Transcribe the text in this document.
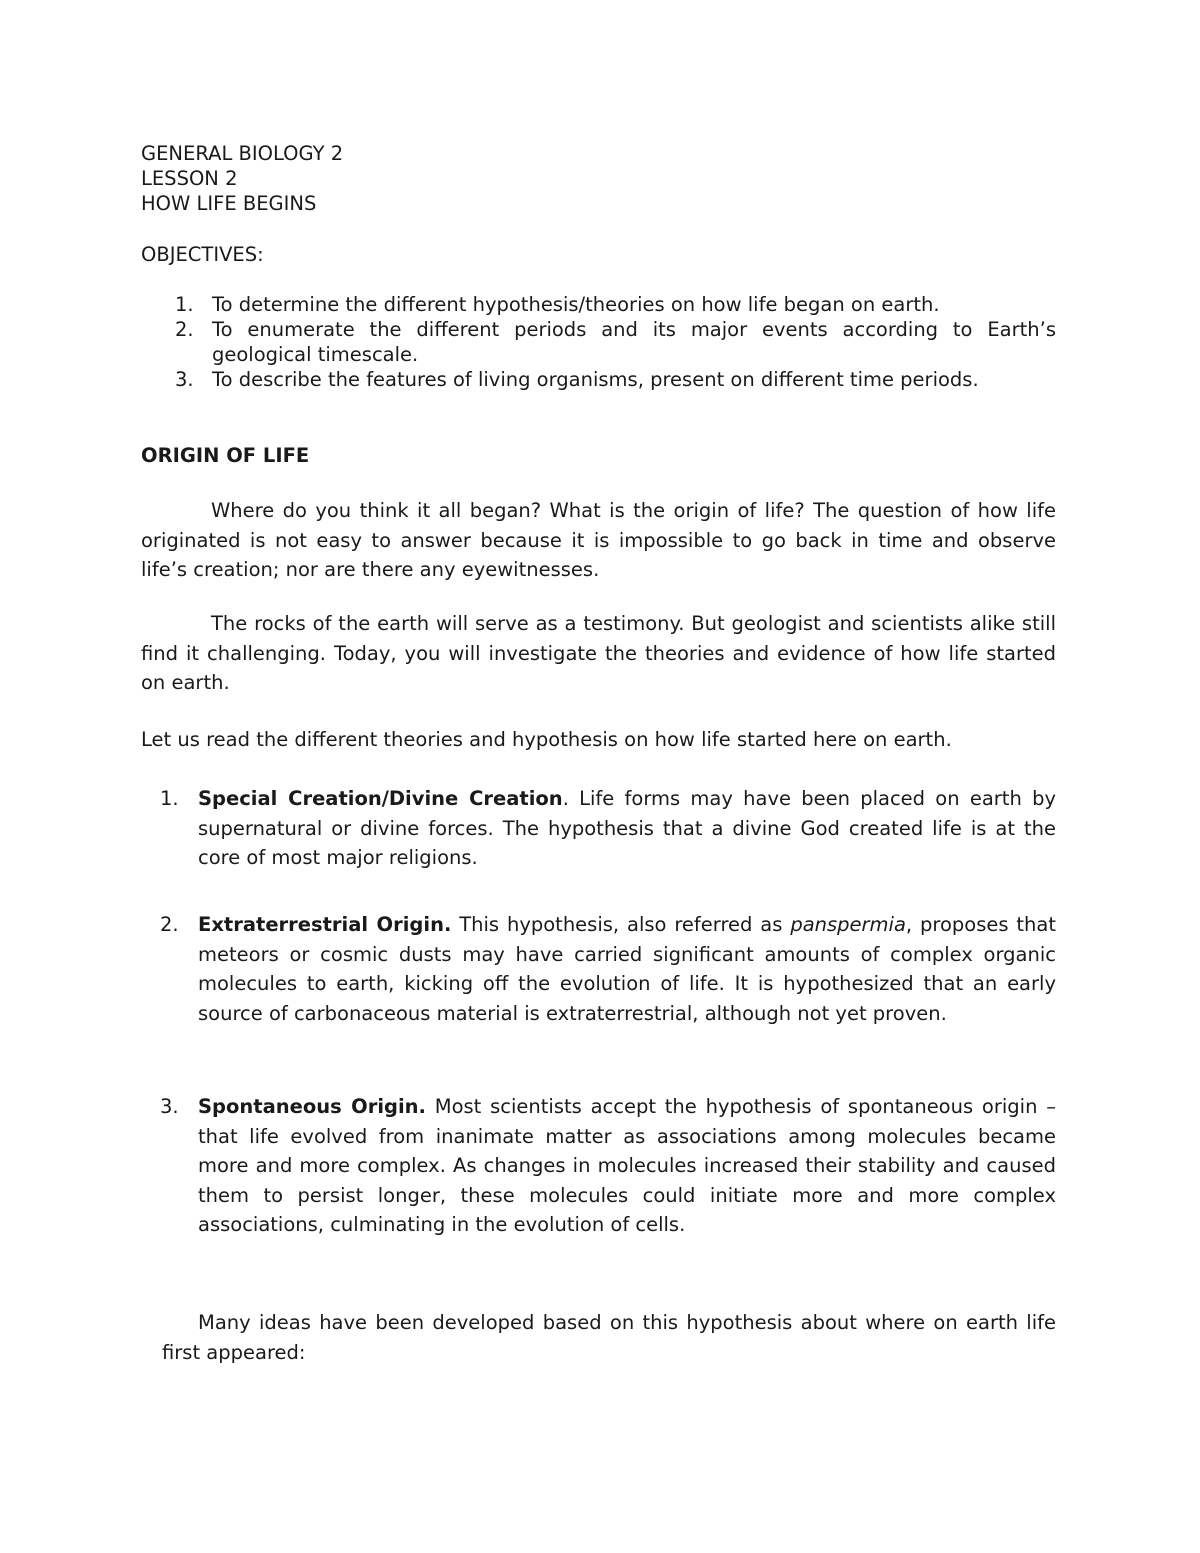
GENERAL BIOLOGY 2
LESSON 2
HOW LIFE BEGINS
OBJECTIVES:
1. To determine the different hypothesis/theories on how life began on earth.
2. To enumerate the different periods and its major events according to Earth’s geological timescale.
3. To describe the features of living organisms, present on different time periods.
ORIGIN OF LIFE
Where do you think it all began? What is the origin of life? The question of how life originated is not easy to answer because it is impossible to go back in time and observe life’s creation; nor are there any eyewitnesses.
The rocks of the earth will serve as a testimony. But geologist and scientists alike still find it challenging. Today, you will investigate the theories and evidence of how life started on earth.
Let us read the different theories and hypothesis on how life started here on earth.
1. Special Creation/Divine Creation. Life forms may have been placed on earth by supernatural or divine forces. The hypothesis that a divine God created life is at the core of most major religions.
2. Extraterrestrial Origin. This hypothesis, also referred as panspermia, proposes that meteors or cosmic dusts may have carried significant amounts of complex organic molecules to earth, kicking off the evolution of life. It is hypothesized that an early source of carbonaceous material is extraterrestrial, although not yet proven.
3. Spontaneous Origin. Most scientists accept the hypothesis of spontaneous origin – that life evolved from inanimate matter as associations among molecules became more and more complex. As changes in molecules increased their stability and caused them to persist longer, these molecules could initiate more and more complex associations, culminating in the evolution of cells.
Many ideas have been developed based on this hypothesis about where on earth life first appeared:
